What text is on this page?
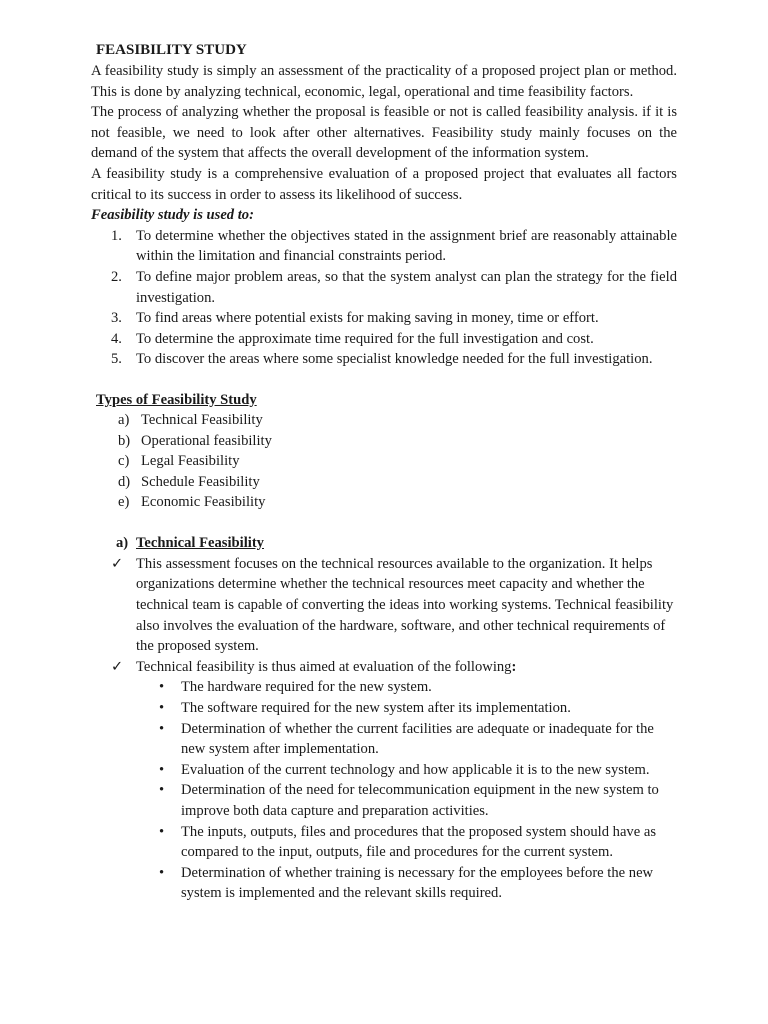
FEASIBILITY STUDY

A feasibility study is simply an assessment of the practicality of a proposed project plan or method. This is done by analyzing technical, economic, legal, operational and time feasibility factors.

The process of analyzing whether the proposal is feasible or not is called feasibility analysis. if it is not feasible, we need to look after other alternatives. Feasibility study mainly focuses on the demand of the system that affects the overall development of the information system.

A feasibility study is a comprehensive evaluation of a proposed project that evaluates all factors critical to its success in order to assess its likelihood of success.

Feasibility study is used to:
1. To determine whether the objectives stated in the assignment brief are reasonably attainable within the limitation and financial constraints period.
2. To define major problem areas, so that the system analyst can plan the strategy for the field investigation.
3. To find areas where potential exists for making saving in money, time or effort.
4. To determine the approximate time required for the full investigation and cost.
5. To discover the areas where some specialist knowledge needed for the full investigation.
Types of Feasibility Study
a) Technical Feasibility
b) Operational feasibility
c) Legal Feasibility
d) Schedule Feasibility
e) Economic Feasibility
a) Technical Feasibility
✓ This assessment focuses on the technical resources available to the organization. It helps organizations determine whether the technical resources meet capacity and whether the technical team is capable of converting the ideas into working systems. Technical feasibility also involves the evaluation of the hardware, software, and other technical requirements of the proposed system.
✓ Technical feasibility is thus aimed at evaluation of the following:
• The hardware required for the new system.
• The software required for the new system after its implementation.
• Determination of whether the current facilities are adequate or inadequate for the new system after implementation.
• Evaluation of the current technology and how applicable it is to the new system.
• Determination of the need for telecommunication equipment in the new system to improve both data capture and preparation activities.
• The inputs, outputs, files and procedures that the proposed system should have as compared to the input, outputs, file and procedures for the current system.
• Determination of whether training is necessary for the employees before the new system is implemented and the relevant skills required.
